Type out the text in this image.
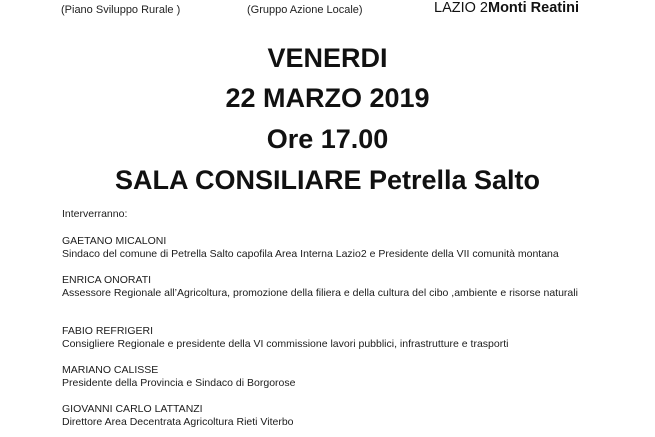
(Piano Sviluppo Rurale )	(Gruppo Azione Locale)	LAZIO 2Monti Reatini
VENERDI
22 MARZO 2019
Ore 17.00
SALA CONSILIARE Petrella Salto
Interverranno:
GAETANO MICALONI
Sindaco del comune di Petrella Salto capofila Area Interna Lazio2 e Presidente della VII comunità montana
ENRICA ONORATI
Assessore Regionale all’Agricoltura, promozione della filiera e della cultura del cibo ,ambiente e risorse naturali
FABIO REFRIGERI
Consigliere Regionale e presidente della VI commissione lavori pubblici, infrastrutture e trasporti
MARIANO CALISSE
Presidente della Provincia e Sindaco di Borgorose
GIOVANNI CARLO LATTANZI
Direttore Area Decentrata Agricoltura Rieti Viterbo
